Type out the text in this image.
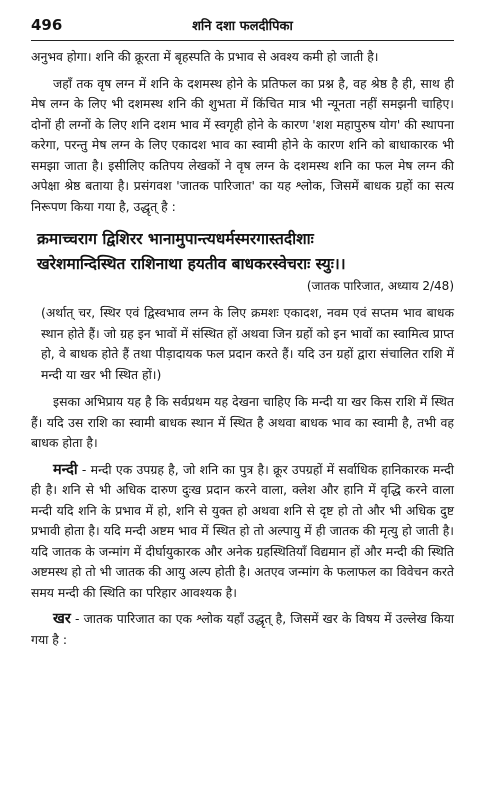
496	शनि दशा फलदीपिका

अनुभव होगा। शनि की क्रूरता में बृहस्पति के प्रभाव से अवश्य कमी हो जाती है।

जहाँ तक वृष लग्न में शनि के दशमस्थ होने के प्रतिफल का प्रश्न है, वह श्रेष्ठ है ही, साथ ही मेष लग्न के लिए भी दशमस्थ शनि की शुभता में किंचित मात्र भी न्यूनता नहीं समझनी चाहिए। दोनों ही लग्नों के लिए शनि दशम भाव में स्वगृही होने के कारण 'शश महापुरुष योग' की स्थापना करेगा, परन्तु मेष लग्न के लिए एकादश भाव का स्वामी होने के कारण शनि को बाधाकारक भी समझा जाता है। इसीलिए कतिपय लेखकों ने वृष लग्न के दशमस्थ शनि का फल मेष लग्न की अपेक्षा श्रेष्ठ बताया है। प्रसंगवश 'जातक पारिजात' का यह श्लोक, जिसमें बाधक ग्रहों का सत्य निरूपण किया गया है, उद्धृत् है :

क्रमाच्चराग द्विशिरर भानामुपान्त्यधर्मस्मरगास्तदीशाः
खरेशमान्दिस्थित राशिनाथा हयतीव बाधकरस्वेचराः स्युः।।
(जातक पारिजात, अध्याय 2/48)

(अर्थात् चर, स्थिर एवं द्विस्वभाव लग्न के लिए क्रमशः एकादश, नवम एवं सप्तम भाव बाधक स्थान होते हैं। जो ग्रह इन भावों में संस्थित हों अथवा जिन ग्रहों को इन भावों का स्वामित्व प्राप्त हो, वे बाधक होते हैं तथा पीड़ादायक फल प्रदान करते हैं। यदि उन ग्रहों द्वारा संचालित राशि में मन्दी या खर भी स्थित हों।)

इसका अभिप्राय यह है कि सर्वप्रथम यह देखना चाहिए कि मन्दी या खर किस राशि में स्थित हैं। यदि उस राशि का स्वामी बाधक स्थान में स्थित है अथवा बाधक भाव का स्वामी है, तभी वह बाधक होता है।

मन्दी - मन्दी एक उपग्रह है, जो शनि का पुत्र है। क्रूर उपग्रहों में सर्वाधिक हानिकारक मन्दी ही है। शनि से भी अधिक दारुण दुःख प्रदान करने वाला, क्लेश और हानि में वृद्धि करने वाला मन्दी यदि शनि के प्रभाव में हो, शनि से युक्त हो अथवा शनि से दृष्ट हो तो और भी अधिक दुष्ट प्रभावी होता है। यदि मन्दी अष्टम भाव में स्थित हो तो अल्पायु में ही जातक की मृत्यु हो जाती है। यदि जातक के जन्मांग में दीर्घायुकारक और अनेक ग्रहस्थितियाँ विद्यमान हों और मन्दी की स्थिति अष्टमस्थ हो तो भी जातक की आयु अल्प होती है। अतएव जन्मांग के फलाफल का विवेचन करते समय मन्दी की स्थिति का परिहार आवश्यक है।

खर - जातक पारिजात का एक श्लोक यहाँ उद्धृत् है, जिसमें खर के विषय में उल्लेख किया गया है :
